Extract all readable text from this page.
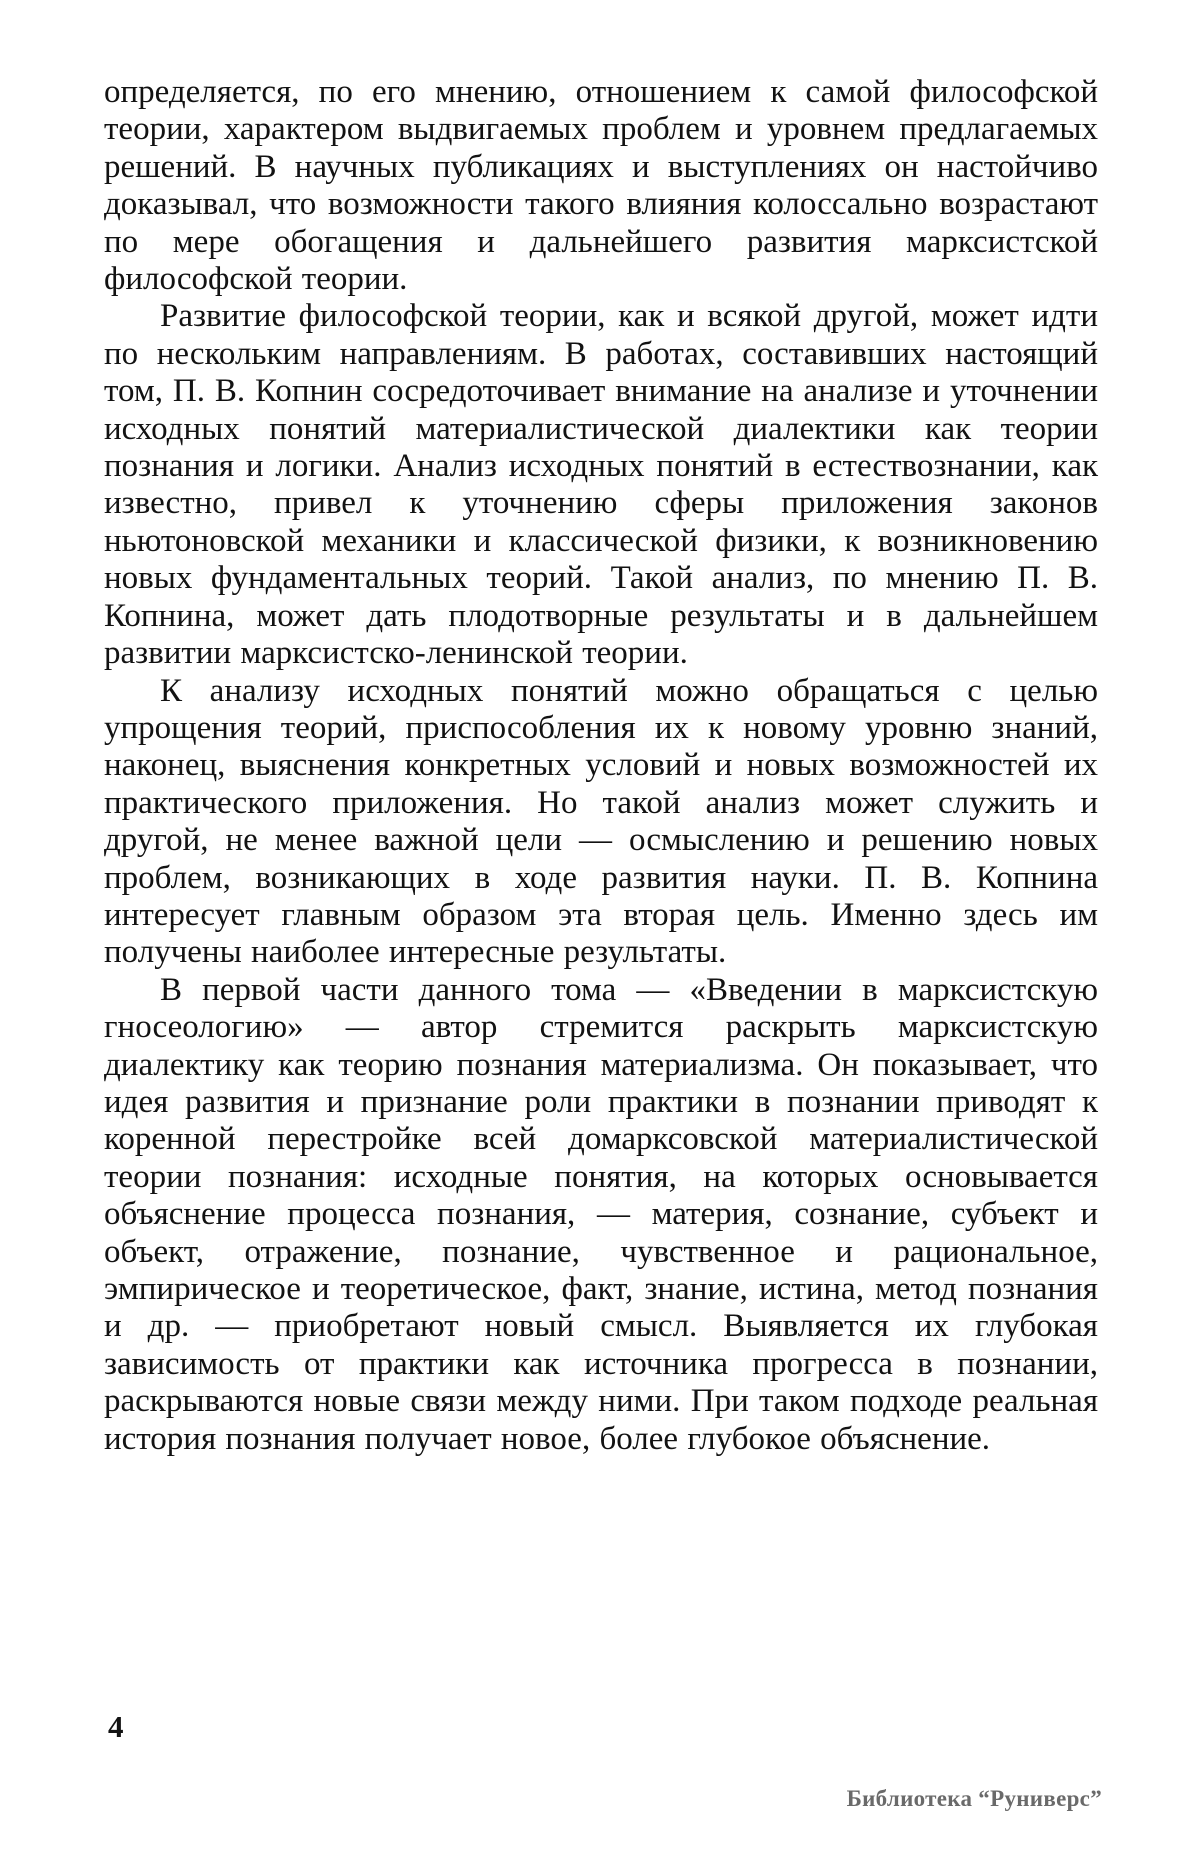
определяется, по его мнению, отношением к самой философской теории, характером выдвигаемых проблем и уровнем предлагаемых решений. В научных публикациях и выступлениях он настойчиво доказывал, что возможности такого влияния колоссально возрастают по мере обогащения и дальнейшего развития марксистской философской теории.

Развитие философской теории, как и всякой другой, может идти по нескольким направлениям. В работах, составивших настоящий том, П. В. Копнин сосредоточивает внимание на анализе и уточнении исходных понятий материалистической диалектики как теории познания и логики. Анализ исходных понятий в естествознании, как известно, привел к уточнению сферы приложения законов ньютоновской механики и классической физики, к возникновению новых фундаментальных теорий. Такой анализ, по мнению П. В. Копнина, может дать плодотворные результаты и в дальнейшем развитии марксистско-ленинской теории.

К анализу исходных понятий можно обращаться с целью упрощения теорий, приспособления их к новому уровню знаний, наконец, выяснения конкретных условий и новых возможностей их практического приложения. Но такой анализ может служить и другой, не менее важной цели — осмыслению и решению новых проблем, возникающих в ходе развития науки. П. В. Копнина интересует главным образом эта вторая цель. Именно здесь им получены наиболее интересные результаты.

В первой части данного тома — «Введении в марксистскую гносеологию» — автор стремится раскрыть марксистскую диалектику как теорию познания материализма. Он показывает, что идея развития и признание роли практики в познании приводят к коренной перестройке всей домарксовской материалистической теории познания: исходные понятия, на которых основывается объяснение процесса познания, — материя, сознание, субъект и объект, отражение, познание, чувственное и рациональное, эмпирическое и теоретическое, факт, знание, истина, метод познания и др. — приобретают новый смысл. Выявляется их глубокая зависимость от практики как источника прогресса в познании, раскрываются новые связи между ними. При таком подходе реальная история познания получает новое, более глубокое объяснение.

4
Библиотека “Руниверс”
